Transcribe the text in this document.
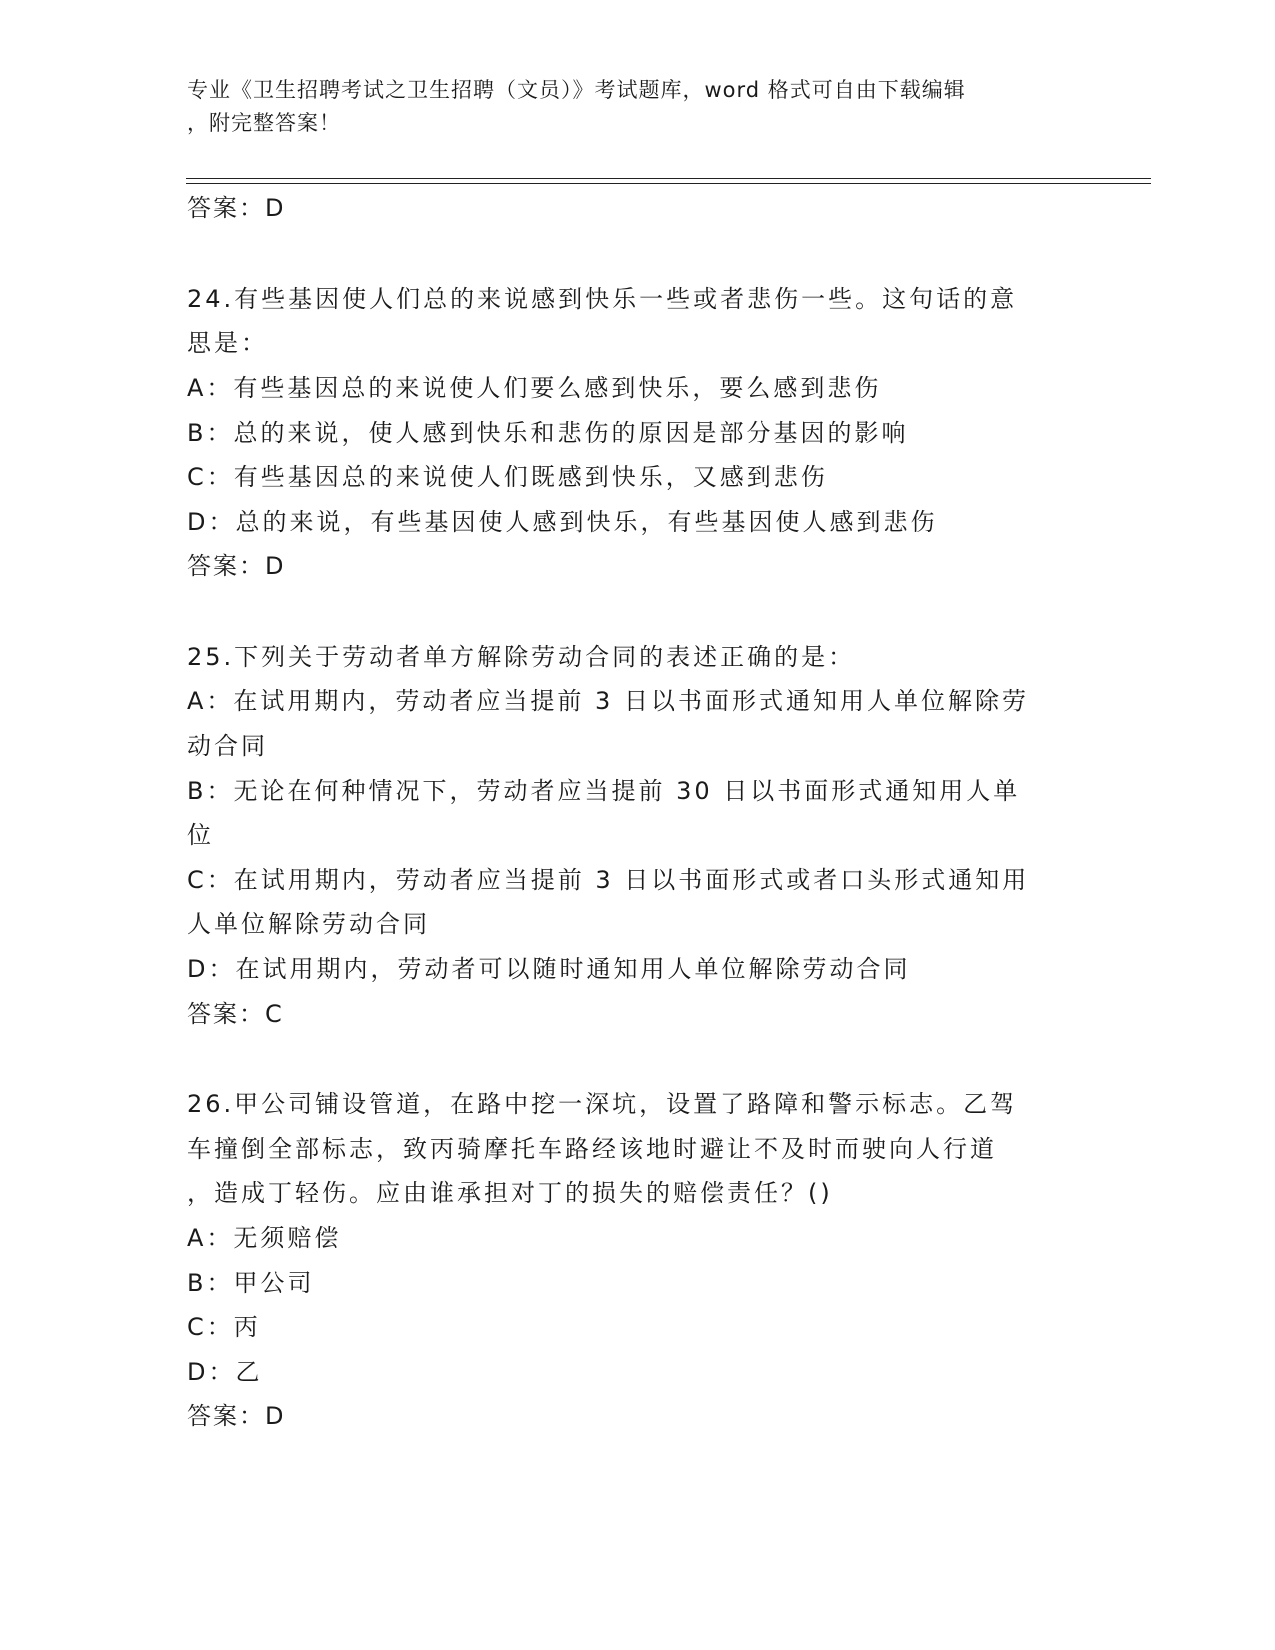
专业《卫生招聘考试之卫生招聘（文员）》考试题库，word 格式可自由下载编辑
，附完整答案！
答案：D
24.有些基因使人们总的来说感到快乐一些或者悲伤一些。这句话的意
思是：
A：有些基因总的来说使人们要么感到快乐，要么感到悲伤
B：总的来说，使人感到快乐和悲伤的原因是部分基因的影响
C：有些基因总的来说使人们既感到快乐，又感到悲伤
D：总的来说，有些基因使人感到快乐，有些基因使人感到悲伤
答案：D
25.下列关于劳动者单方解除劳动合同的表述正确的是：
A：在试用期内，劳动者应当提前 3 日以书面形式通知用人单位解除劳
动合同
B：无论在何种情况下，劳动者应当提前 30 日以书面形式通知用人单
位
C：在试用期内，劳动者应当提前 3 日以书面形式或者口头形式通知用
人单位解除劳动合同
D：在试用期内，劳动者可以随时通知用人单位解除劳动合同
答案：C
26.甲公司铺设管道，在路中挖一深坑，设置了路障和警示标志。乙驾
车撞倒全部标志，致丙骑摩托车路经该地时避让不及时而驶向人行道
，造成丁轻伤。应由谁承担对丁的损失的赔偿责任？()
A：无须赔偿
B：甲公司
C：丙
D：乙
答案：D
